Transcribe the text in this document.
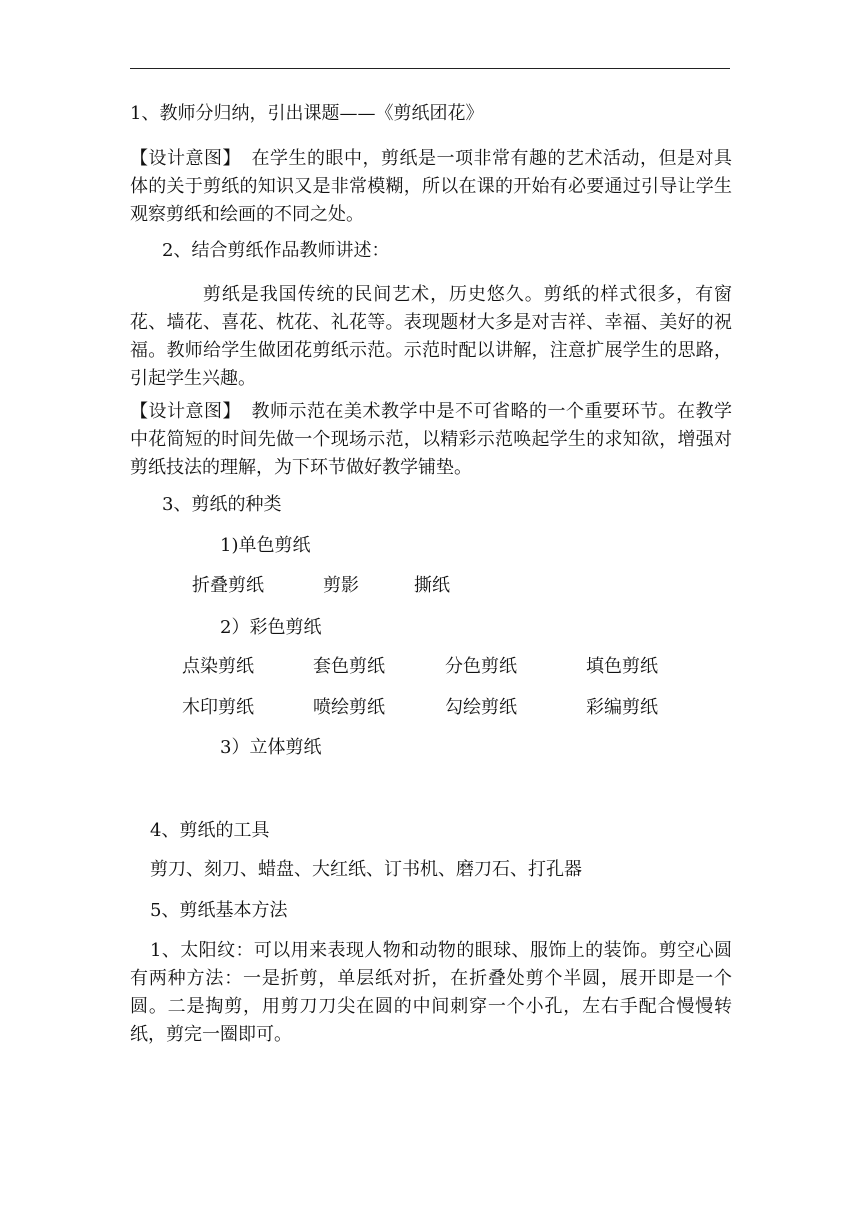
1、教师分归纳，引出课题——《剪纸团花》
【设计意图】 在学生的眼中，剪纸是一项非常有趣的艺术活动，但是对具体的关于剪纸的知识又是非常模糊，所以在课的开始有必要通过引导让学生观察剪纸和绘画的不同之处。
2、结合剪纸作品教师讲述：
剪纸是我国传统的民间艺术，历史悠久。剪纸的样式很多，有窗花、墙花、喜花、枕花、礼花等。表现题材大多是对吉祥、幸福、美好的祝福。教师给学生做团花剪纸示范。示范时配以讲解，注意扩展学生的思路，引起学生兴趣。
【设计意图】 教师示范在美术教学中是不可省略的一个重要环节。在教学中花简短的时间先做一个现场示范，以精彩示范唤起学生的求知欲，增强对剪纸技法的理解，为下环节做好教学铺垫。
3、剪纸的种类
1)单色剪纸
折叠剪纸	剪影	撕纸
2）彩色剪纸
点染剪纸	套色剪纸	分色剪纸	填色剪纸
木印剪纸	喷绘剪纸	勾绘剪纸	彩编剪纸
3）立体剪纸
4、剪纸的工具
剪刀、刻刀、蜡盘、大红纸、订书机、磨刀石、打孔器
5、剪纸基本方法
1、太阳纹：可以用来表现人物和动物的眼球、服饰上的装饰。剪空心圆有两种方法：一是折剪，单层纸对折，在折叠处剪个半圆，展开即是一个圆。二是掏剪，用剪刀刀尖在圆的中间刺穿一个小孔，左右手配合慢慢转纸，剪完一圈即可。
